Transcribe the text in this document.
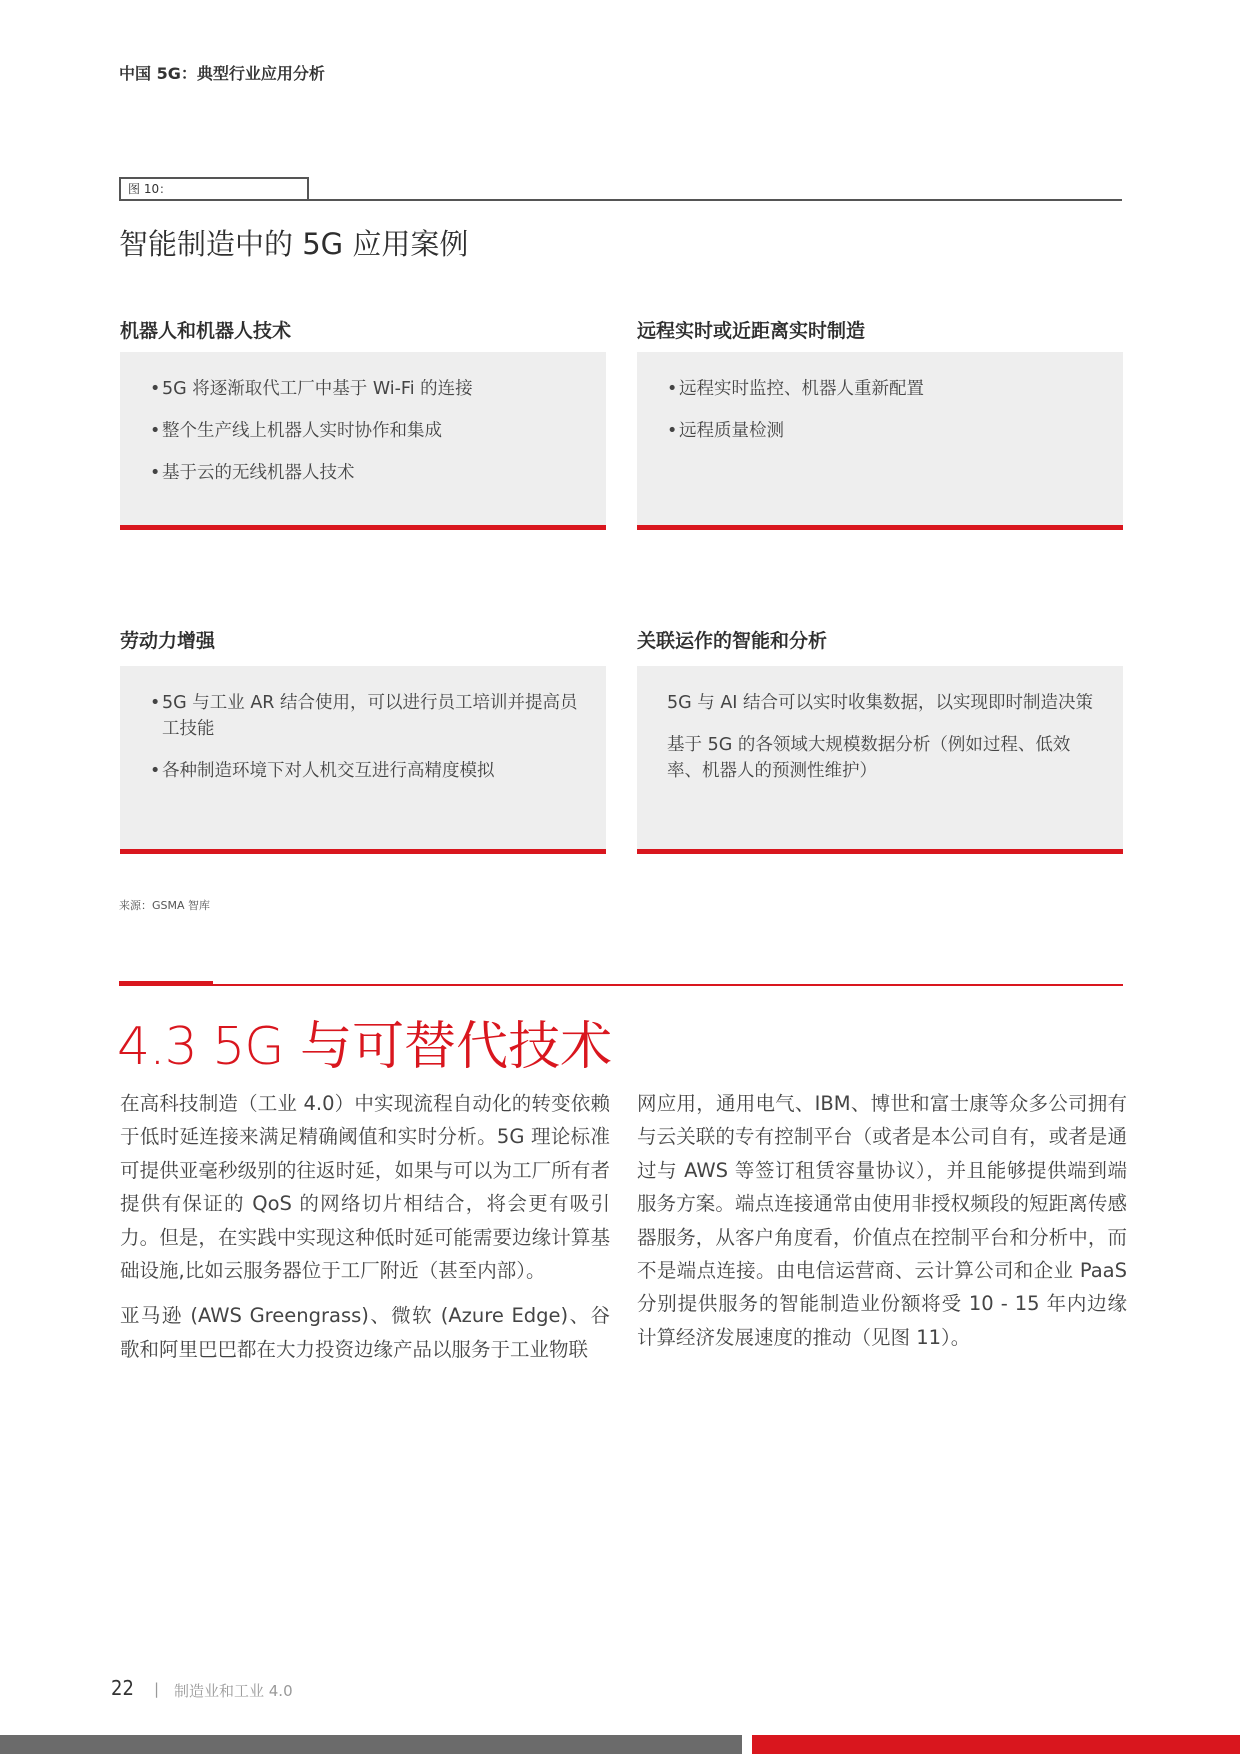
中国 5G：典型行业应用分析
图 10：
智能制造中的 5G 应用案例
机器人和机器人技术
• 5G 将逐渐取代工厂中基于 Wi-Fi 的连接
• 整个生产线上机器人实时协作和集成
• 基于云的无线机器人技术
远程实时或近距离实时制造
• 远程实时监控、机器人重新配置
• 远程质量检测
劳动力增强
• 5G 与工业 AR 结合使用，可以进行员工培训并提高员工技能
• 各种制造环境下对人机交互进行高精度模拟
关联运作的智能和分析

5G 与 AI 结合可以实时收集数据，以实现即时制造决策

基于 5G 的各领域大规模数据分析（例如过程、低效率、机器人的预测性维护）

来源：GSMA 智库
4.3 5G 与可替代技术

在高科技制造（工业 4.0）中实现流程自动化的转变依赖于低时延连接来满足精确阈值和实时分析。5G 理论标准可提供亚毫秒级别的往返时延，如果与可以为工厂所有者提供有保证的 QoS 的网络切片相结合，将会更有吸引力。但是，在实践中实现这种低时延可能需要边缘计算基础设施,比如云服务器位于工厂附近（甚至内部）。

亚马逊 (AWS Greengrass)、微软 (Azure Edge)、谷歌和阿里巴巴都在大力投资边缘产品以服务于工业物联

网应用，通用电气、IBM、博世和富士康等众多公司拥有与云关联的专有控制平台（或者是本公司自有，或者是通过与 AWS 等签订租赁容量协议），并且能够提供端到端服务方案。端点连接通常由使用非授权频段的短距离传感器服务，从客户角度看，价值点在控制平台和分析中，而不是端点连接。由电信运营商、云计算公司和企业 PaaS 分别提供服务的智能制造业份额将受 10 - 15 年内边缘计算经济发展速度的推动（见图 11）。

22 | 制造业和工业 4.0
